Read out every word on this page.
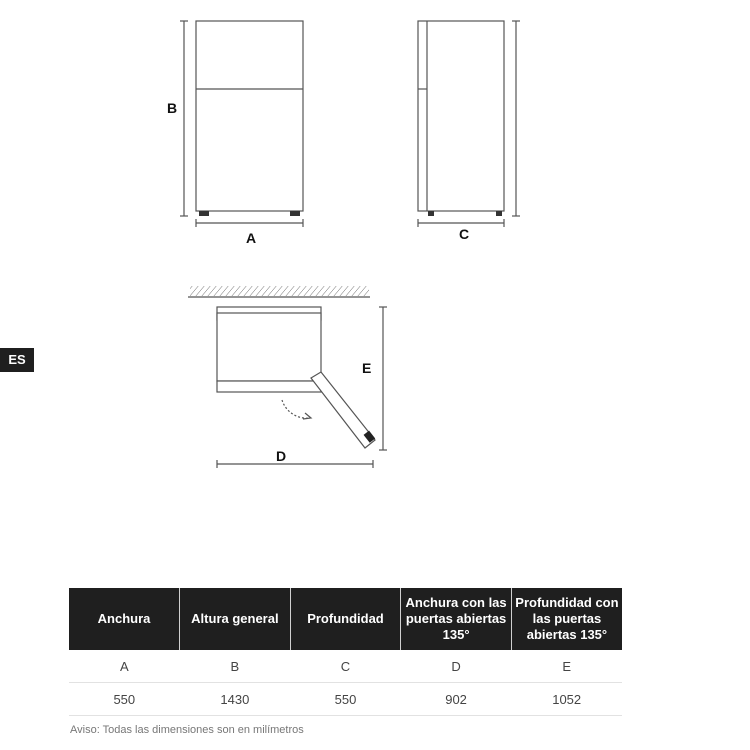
B
A	C
E
D
ES
Anchura	Altura general	Profundidad	Anchura con las puertas abiertas 135°	Profundidad con las puertas abiertas 135°
A	B	C	D	E
550	1430	550	902	1052
Aviso: Todas las dimensiones son en milímetros
